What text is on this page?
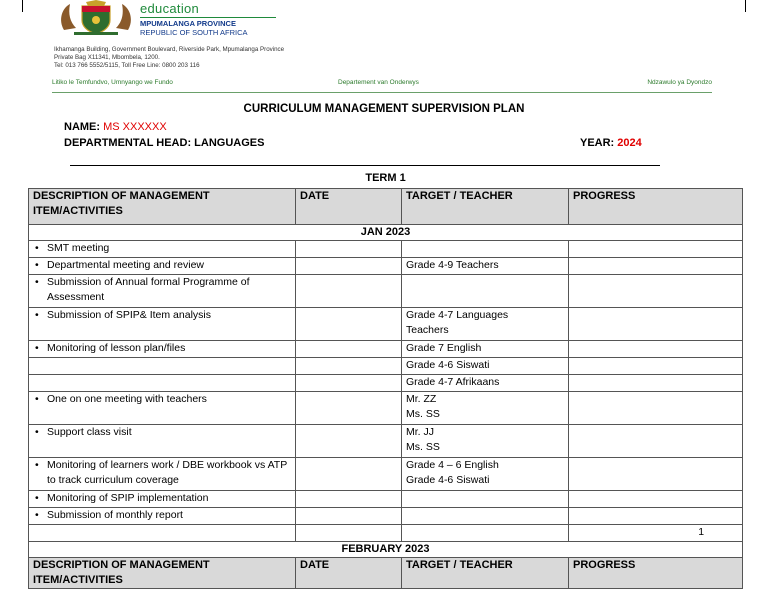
education
MPUMALANGA PROVINCE
REPUBLIC OF SOUTH AFRICA
Ikhamanga Building, Government Boulevard, Riverside Park, Mpumalanga Province
Private Bag X11341, Mbombela, 1200.
Tel: 013 766 5552/5115, Toll Free Line: 0800 203 116
Litiko le Temfundvo, Umnyango we Fundo	Departement van Onderwys	Ndzawulo ya Dyondzo
CURRICULUM MANAGEMENT SUPERVISION PLAN
NAME: MS XXXXXX
DEPARTMENTAL HEAD: LANGUAGES	YEAR: 2024
TERM 1			
DESCRIPTION OF MANAGEMENT ITEM/ACTIVITIES	DATE	TARGET / TEACHER	PROGRESS
JAN 2023			

• SMT meeting

• Departmental meeting and review		Grade 4-9 Teachers	

• Submission of Annual formal Programme of Assessment

• Submission of SPIP& Item analysis		Grade 4-7 Languages
Teachers	

• Monitoring of lesson plan/files		Grade 7 English	

		Grade 4-6 Siswati	

		Grade 4-7 Afrikaans	

• One on one meeting with teachers		Mr. ZZ
Ms. SS	

• Support class visit		Mr. JJ
Ms. SS	

• Monitoring of learners work / DBE workbook vs ATP to track curriculum coverage		Grade 4 – 6 English
Grade 4-6 Siswati	

• Monitoring of SPIP implementation

• Submission of monthly report

			1
FEBRUARY 2023			
DESCRIPTION OF MANAGEMENT ITEM/ACTIVITIES	DATE	TARGET / TEACHER	PROGRESS
